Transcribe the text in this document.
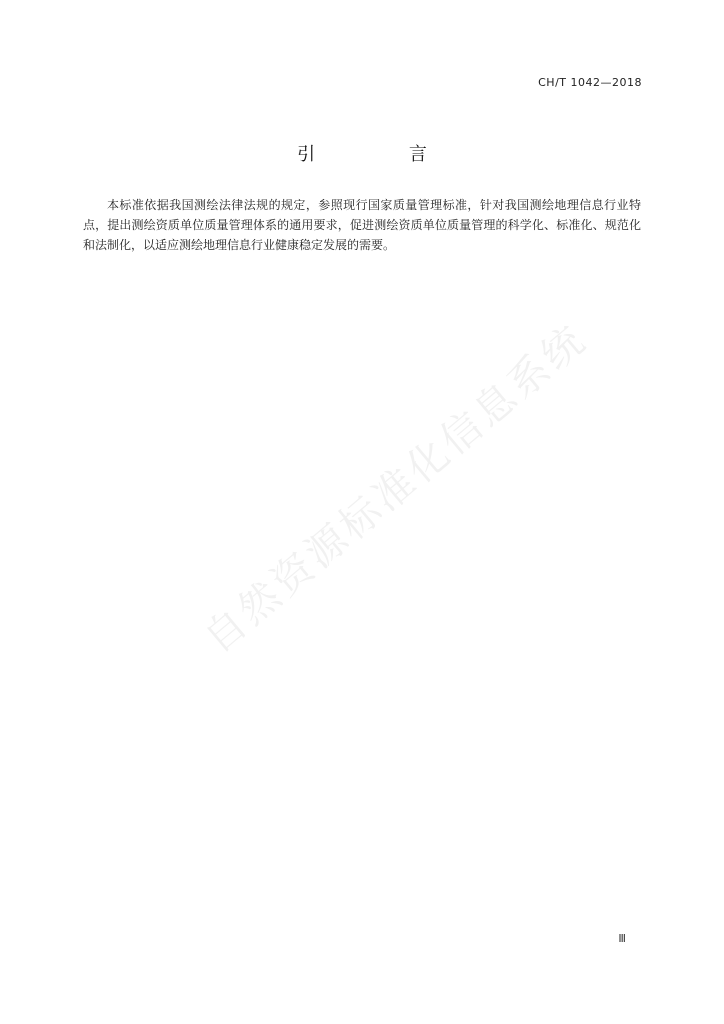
CH/T 1042—2018
引 言
本标准依据我国测绘法律法规的规定，参照现行国家质量管理标准，针对我国测绘地理信息行业特点，提出测绘资质单位质量管理体系的通用要求，促进测绘资质单位质量管理的科学化、标准化、规范化和法制化，以适应测绘地理信息行业健康稳定发展的需要。
自然资源标准化信息系统
Ⅲ
